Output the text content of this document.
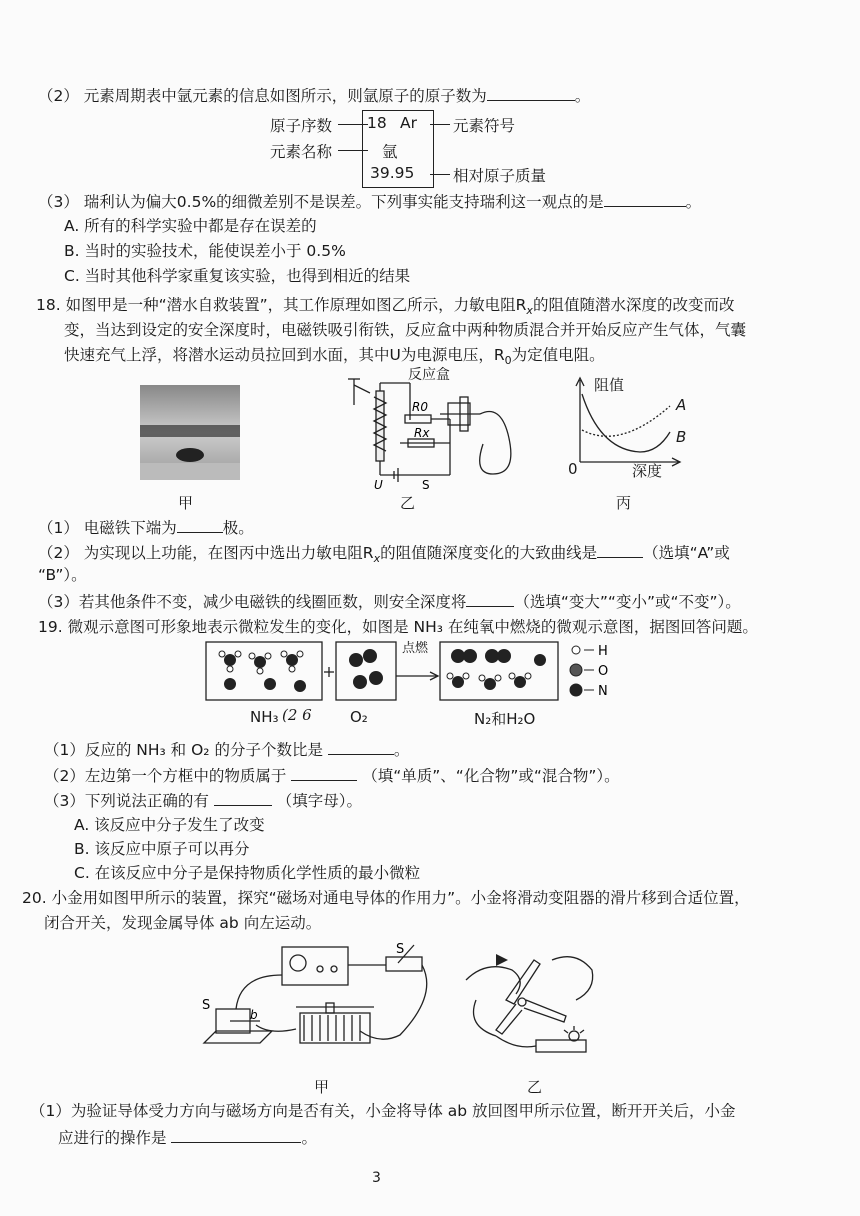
（2） 元素周期表中氩元素的信息如图所示，则氩原子的原子数为	。
原子序数
元素名称
18 Ar
氩
39.95
元素符号
相对原子质量
（3） 瑞利认为偏大0.5%的细微差别不是误差。下列事实能支持瑞利这一观点的是	。
A. 所有的科学实验中都是存在误差的
B. 当时的实验技术，能使误差小于 0.5%
C. 当时其他科学家重复该实验，也得到相近的结果
18. 如图甲是一种“潜水自救装置”，其工作原理如图乙所示，力敏电阻$R_x$的阻值随潜水深度的改变而改
变，当达到设定的安全深度时，电磁铁吸引衔铁，反应盒中两种物质混合并开始反应产生气体，气囊
快速充气上浮，将潜水运动员拉回到水面，其中U为电源电压，$R_0$为定值电阻。
甲
R0
Rx
U	S
反应盒
乙
阻值
A
B
0	深度
丙
（1） 电磁铁下端为	极。
（2） 为实现以上功能，在图丙中选出力敏电阻$R_x$的阻值随深度变化的大致曲线是	（选填“A”或
“B”）。
（3）若其他条件不变，减少电磁铁的线圈匝数，则安全深度将	（选填“变大”“变小”或“不变”）。
19. 微观示意图可形象地表示微粒发生的变化，如图是 NH₃ 在纯氧中燃烧的微观示意图，据图回答问题。
H
O
N
点燃
NH₃ (2 6	O₂	N₂和H₂O
（1）反应的 NH₃ 和 O₂ 的分子个数比是	。
（2）左边第一个方框中的物质属于	（填“单质”、“化合物”或“混合物”）。
（3）下列说法正确的有	（填字母）。
A. 该反应中分子发生了改变
B. 该反应中原子可以再分
C. 在该反应中分子是保持物质化学性质的最小微粒
20. 小金用如图甲所示的装置，探究“磁场对通电导体的作用力”。小金将滑动变阻器的滑片移到合适位置，
闭合开关，发现金属导体 ab 向左运动。
S
b
S
甲	乙
（1）为验证导体受力方向与磁场方向是否有关，小金将导体 ab 放回图甲所示位置，断开开关后，小金
应进行的操作是	。
3
